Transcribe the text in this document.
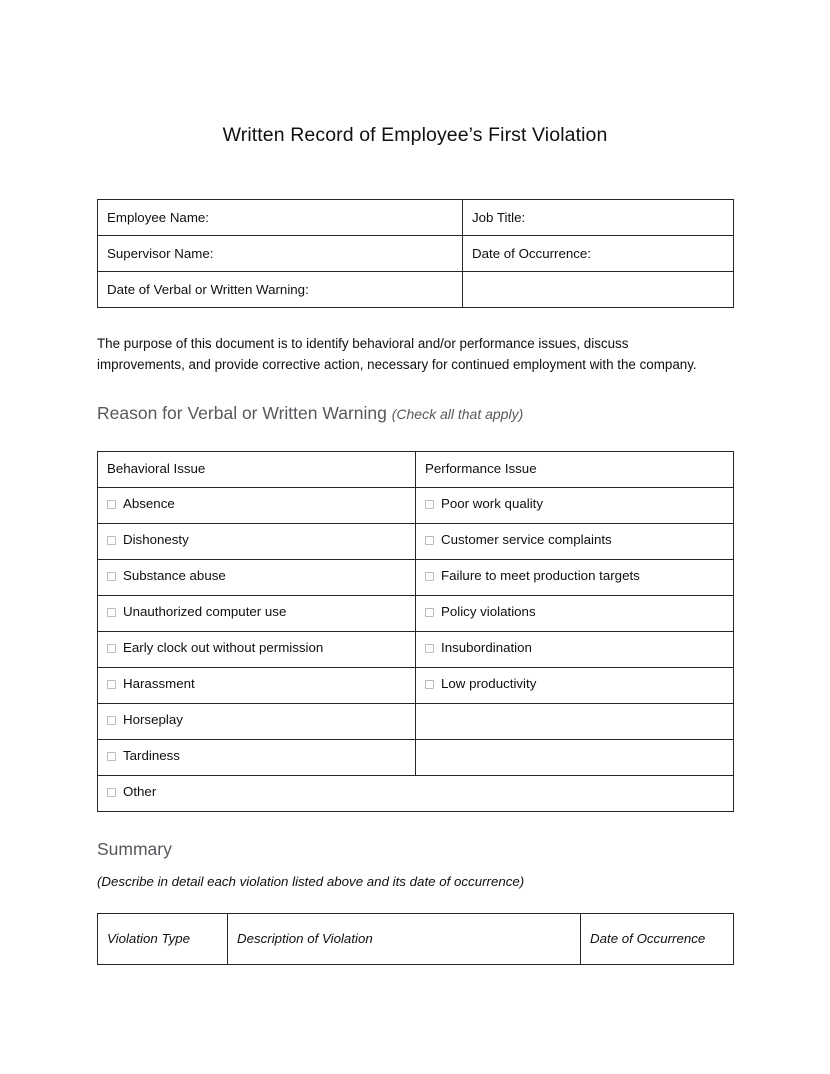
Written Record of Employee’s First Violation
Employee Name:	Job Title:
Supervisor Name:	Date of Occurrence:
Date of Verbal or Written Warning:	

The purpose of this document is to identify behavioral and/or performance issues, discuss improvements, and provide corrective action, necessary for continued employment with the company.

Reason for Verbal or Written Warning (Check all that apply)
Behavioral Issue	Performance Issue
Absence	Poor work quality
Dishonesty	Customer service complaints
Substance abuse	Failure to meet production targets
Unauthorized computer use	Policy violations
Early clock out without permission	Insubordination
Harassment	Low productivity
Horseplay	
Tardiness	
Other	
Summary

(Describe in detail each violation listed above and its date of occurrence)

Violation Type	Description of Violation	Date of Occurrence
